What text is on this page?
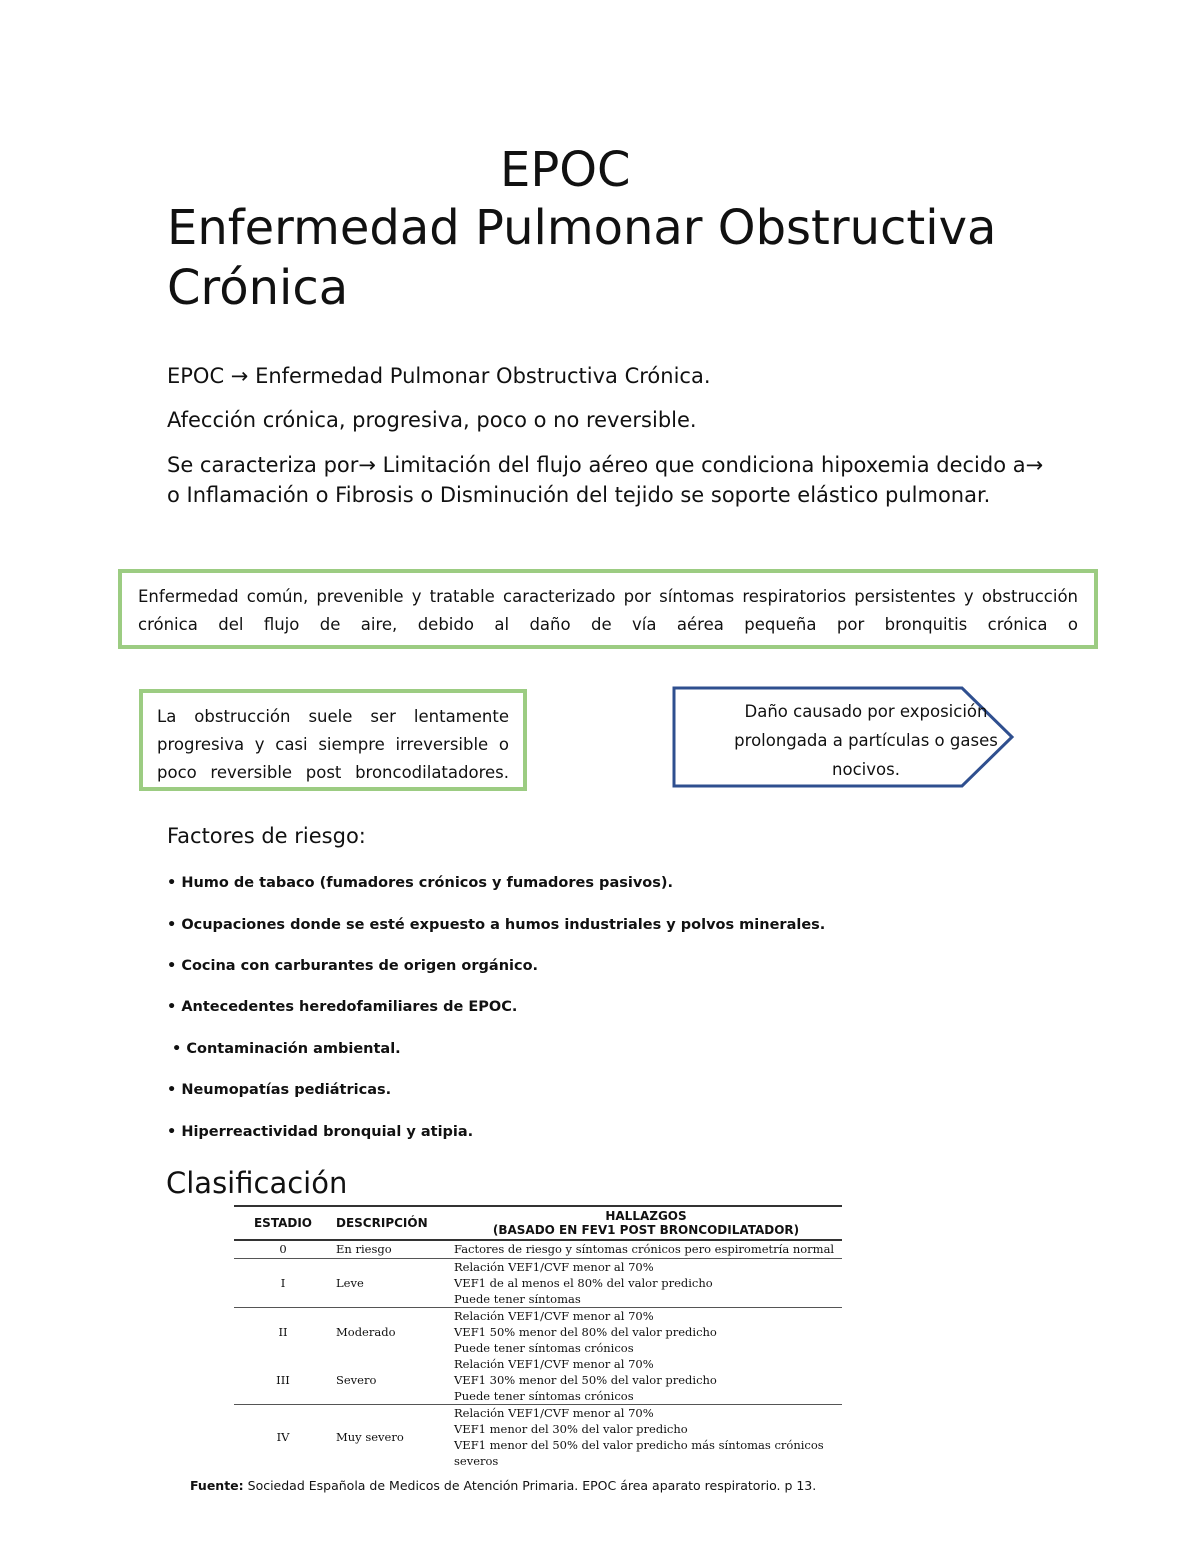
EPOC
Enfermedad Pulmonar Obstructiva
Crónica
EPOC → Enfermedad Pulmonar Obstructiva Crónica.
Afección crónica, progresiva, poco o no reversible.
Se caracteriza por→ Limitación del flujo aéreo que condiciona hipoxemia decido a→ o Inflamación o Fibrosis o Disminución del tejido se soporte elástico pulmonar.
Enfermedad común, prevenible y tratable caracterizado por síntomas respiratorios persistentes y obstrucción crónica del flujo de aire, debido al daño de vía aérea pequeña por bronquitis crónica o
La obstrucción suele ser lentamente progresiva y casi siempre irreversible o poco reversible post broncodilatadores.
Daño causado por exposición prolongada a partículas o gases nocivos.
Factores de riesgo:
• Humo de tabaco (fumadores crónicos y fumadores pasivos).
• Ocupaciones donde se esté expuesto a humos industriales y polvos minerales.
• Cocina con carburantes de origen orgánico.
• Antecedentes heredofamiliares de EPOC.
• Contaminación ambiental.
• Neumopatías pediátricas.
• Hiperreactividad bronquial y atipia.
Clasificación
ESTADIO	DESCRIPCIÓN	HALLAZGOS
(BASADO EN FEV1 POST BRONCODILATADOR)

0	En riesgo	Factores de riesgo y síntomas crónicos pero espirometría normal

I	Leve	Relación VEF1/CVF menor al 70%
VEF1 de al menos el 80% del valor predicho
Puede tener síntomas

II	Moderado	Relación VEF1/CVF menor al 70%
VEF1 50% menor del 80% del valor predicho
Puede tener síntomas crónicos

III	Severo	Relación VEF1/CVF menor al 70%
VEF1 30% menor del 50% del valor predicho
Puede tener síntomas crónicos

IV	Muy severo	Relación VEF1/CVF menor al 70%
VEF1 menor del 30% del valor predicho
VEF1 menor del 50% del valor predicho más síntomas crónicos severos
Fuente: Sociedad Española de Medicos de Atención Primaria. EPOC área aparato respiratorio. p 13.
